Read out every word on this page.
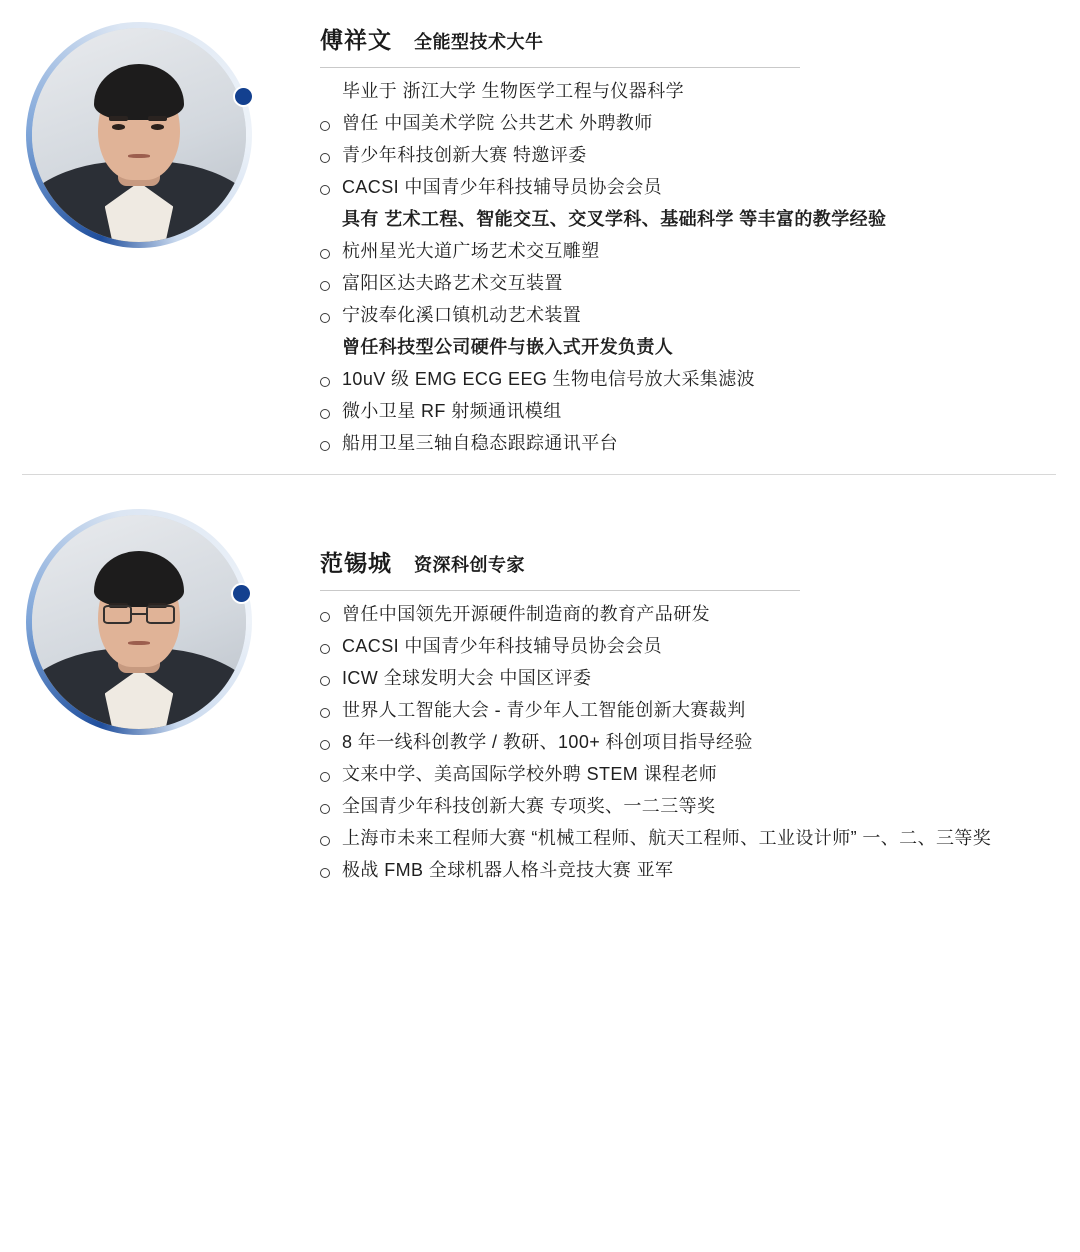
傅祥文 全能型技术大牛
毕业于 浙江大学 生物医学工程与仪器科学
曾任 中国美术学院 公共艺术 外聘教师
青少年科技创新大赛 特邀评委
CACSI 中国青少年科技辅导员协会会员
具有 艺术工程、智能交互、交叉学科、基础科学 等丰富的教学经验
杭州星光大道广场艺术交互雕塑
富阳区达夫路艺术交互装置
宁波奉化溪口镇机动艺术装置
曾任科技型公司硬件与嵌入式开发负责人
10uV 级 EMG ECG EEG 生物电信号放大采集滤波
微小卫星 RF 射频通讯模组
船用卫星三轴自稳态跟踪通讯平台
范锡城 资深科创专家
曾任中国领先开源硬件制造商的教育产品研发
CACSI 中国青少年科技辅导员协会会员
ICW 全球发明大会 中国区评委
世界人工智能大会 - 青少年人工智能创新大赛裁判
8 年一线科创教学 / 教研、100+ 科创项目指导经验
文来中学、美高国际学校外聘 STEM 课程老师
全国青少年科技创新大赛 专项奖、一二三等奖
上海市未来工程师大赛 “机械工程师、航天工程师、工业设计师” 一、二、三等奖
极战 FMB 全球机器人格斗竞技大赛 亚军
